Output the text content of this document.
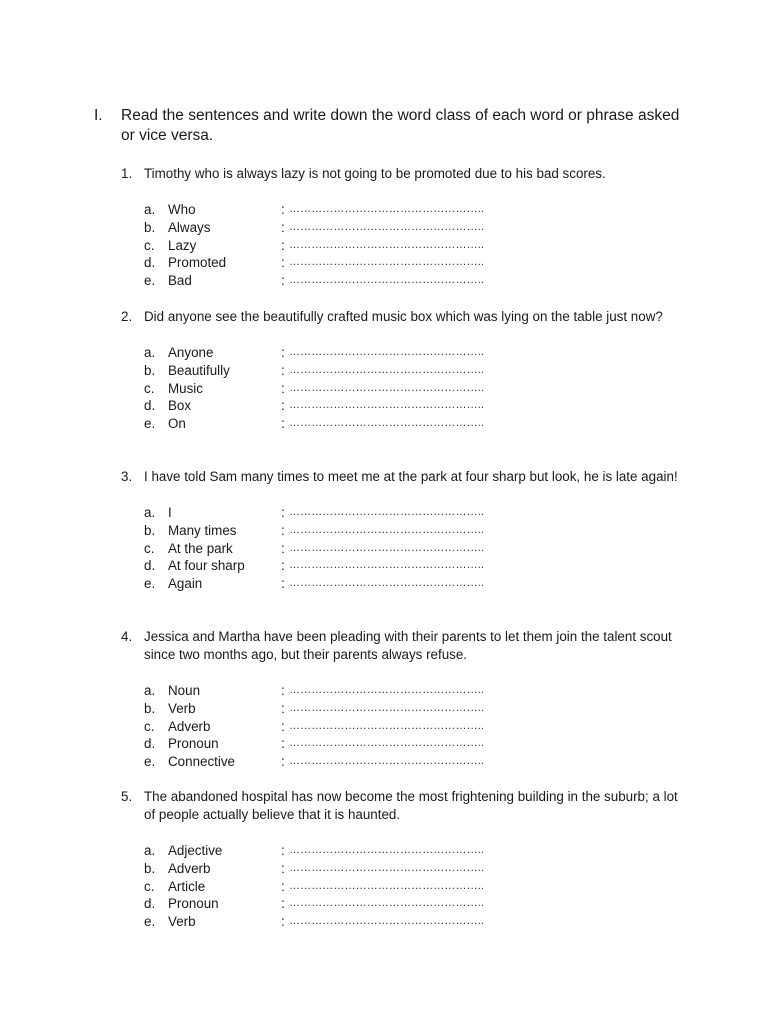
I.	Read the sentences and write down the word class of each word or phrase asked or vice versa.
1. Timothy who is always lazy is not going to be promoted due to his bad scores.
a. Who	: ……………………………………………..
b. Always	: ……………………………………………..
c.	Lazy	: ……………………………………………..
d. Promoted	: ……………………………………………..
e. Bad	: ……………………………………………..
2. Did anyone see the beautifully crafted music box which was lying on the table just now?
a. Anyone	: ……………………………………………..
b. Beautifully	: ……………………………………………..
c.	Music	: ……………………………………………..
d. Box	: ……………………………………………..
e. On	: ……………………………………………..
3. I have told Sam many times to meet me at the park at four sharp but look, he is late again!
a. I	: ……………………………………………..
b. Many times	: ……………………………………………..
c.	At the park	: ……………………………………………..
d. At four sharp	: ……………………………………………..
e. Again	: ……………………………………………..
4. Jessica and Martha have been pleading with their parents to let them join the talent scout since two months ago, but their parents always refuse.
a. Noun	: ……………………………………………..
b. Verb	: ……………………………………………..
c.	Adverb	: ……………………………………………..
d. Pronoun	: ……………………………………………..
e. Connective	: ……………………………………………..
5. The abandoned hospital has now become the most frightening building in the suburb; a lot of people actually believe that it is haunted.
a. Adjective	: ……………………………………………..
b. Adverb	: ……………………………………………..
c.	Article	: ……………………………………………..
d. Pronoun	: ……………………………………………..
e. Verb	: ……………………………………………..
